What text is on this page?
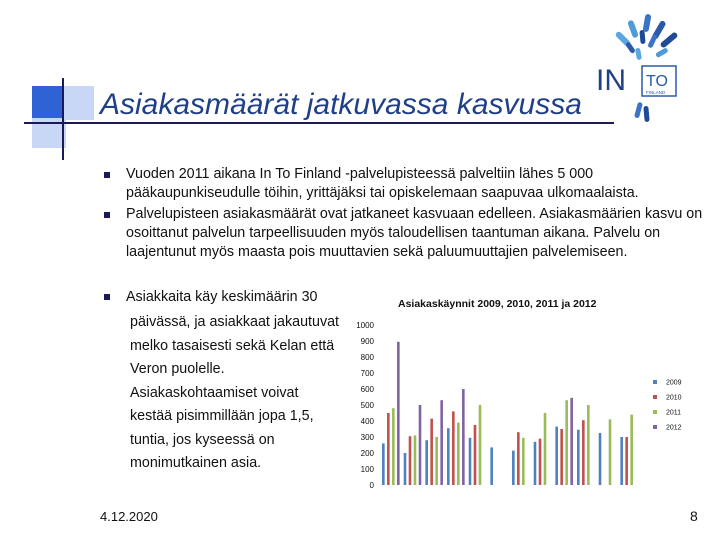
Asiakasmäärät jatkuvassa kasvussa
IN TO
FINLAND
Vuoden 2011 aikana In To Finland -palvelupisteessä palveltiin lähes 5 000 pääkaupunkiseudulle töihin, yrittäjäksi tai opiskelemaan saapuvaa ulkomaalaista.
Palvelupisteen asiakasmäärät ovat jatkaneet kasvuaan edelleen. Asiakasmäärien kasvu on osoittanut palvelun tarpeellisuuden myös taloudellisen taantuman aikana. Palvelu on laajentunut myös maasta pois muuttavien sekä paluumuuttajien palvelemiseen.
Asiakkaita käy keskimäärin 30
päivässä, ja asiakkaat jakautuvat melko tasaisesti sekä Kelan että Veron puolelle. Asiakaskohtaamiset voivat kestää pisimmillään jopa 1,5, tuntia, jos kyseessä on monimutkainen asia.
Asiakaskäynnit 2009, 2010, 2011 ja 2012
0
100
200
300
400
500
600
700
800
900
1000
2009
2010
2011
2012
4.12.2020	8
